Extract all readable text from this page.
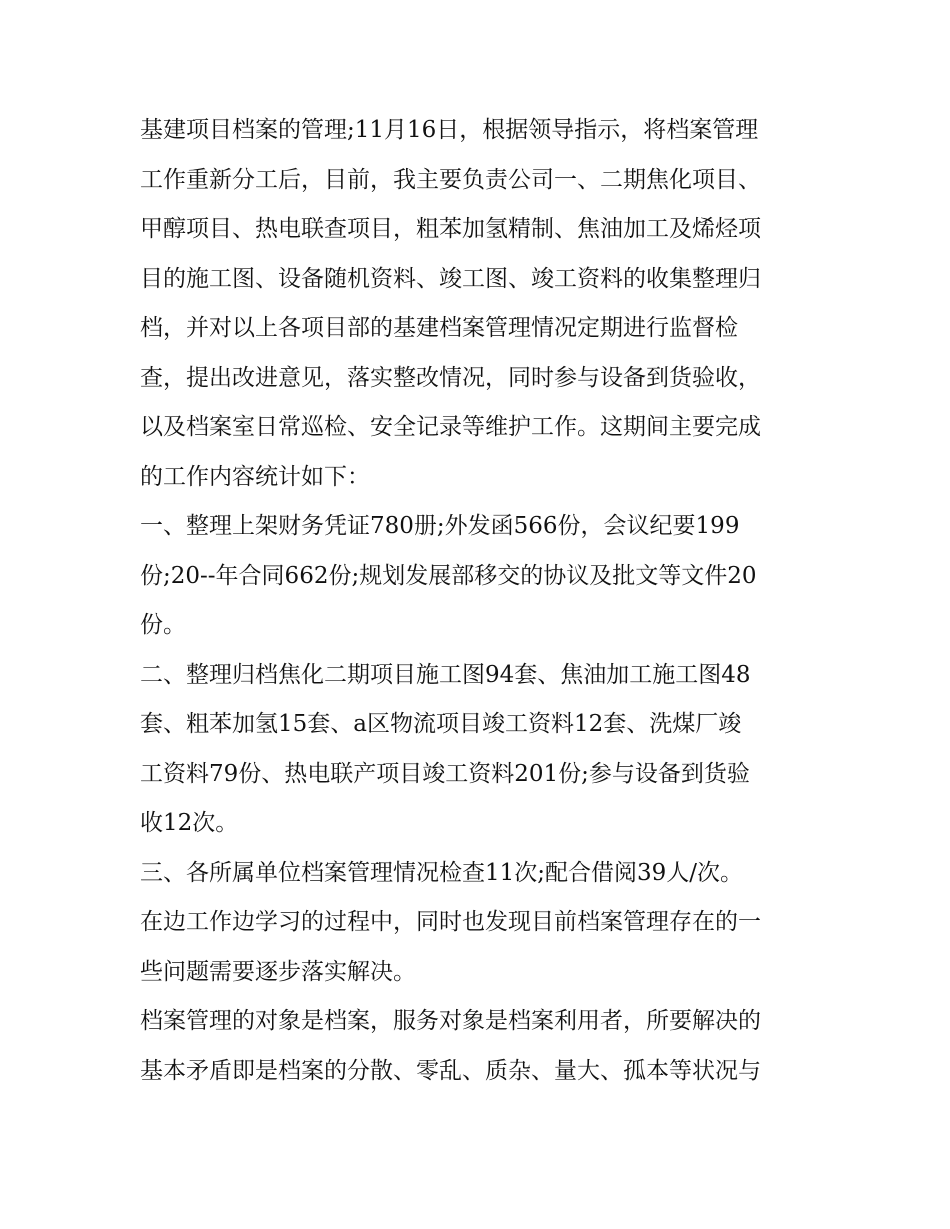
基建项目档案的管理;11月16日，根据领导指示，将档案管理
工作重新分工后，目前，我主要负责公司一、二期焦化项目、
甲醇项目、热电联查项目，粗苯加氢精制、焦油加工及烯烃项
目的施工图、设备随机资料、竣工图、竣工资料的收集整理归
档，并对以上各项目部的基建档案管理情况定期进行监督检
查，提出改进意见，落实整改情况，同时参与设备到货验收，
以及档案室日常巡检、安全记录等维护工作。这期间主要完成
的工作内容统计如下：
一、整理上架财务凭证780册;外发函566份，会议纪要199
份;20--年合同662份;规划发展部移交的协议及批文等文件20
份。
二、整理归档焦化二期项目施工图94套、焦油加工施工图48
套、粗苯加氢15套、a区物流项目竣工资料12套、洗煤厂竣
工资料79份、热电联产项目竣工资料201份;参与设备到货验
收12次。
三、各所属单位档案管理情况检查11次;配合借阅39人/次。
在边工作边学习的过程中，同时也发现目前档案管理存在的一
些问题需要逐步落实解决。
档案管理的对象是档案，服务对象是档案利用者，所要解决的
基本矛盾即是档案的分散、零乱、质杂、量大、孤本等状况与
